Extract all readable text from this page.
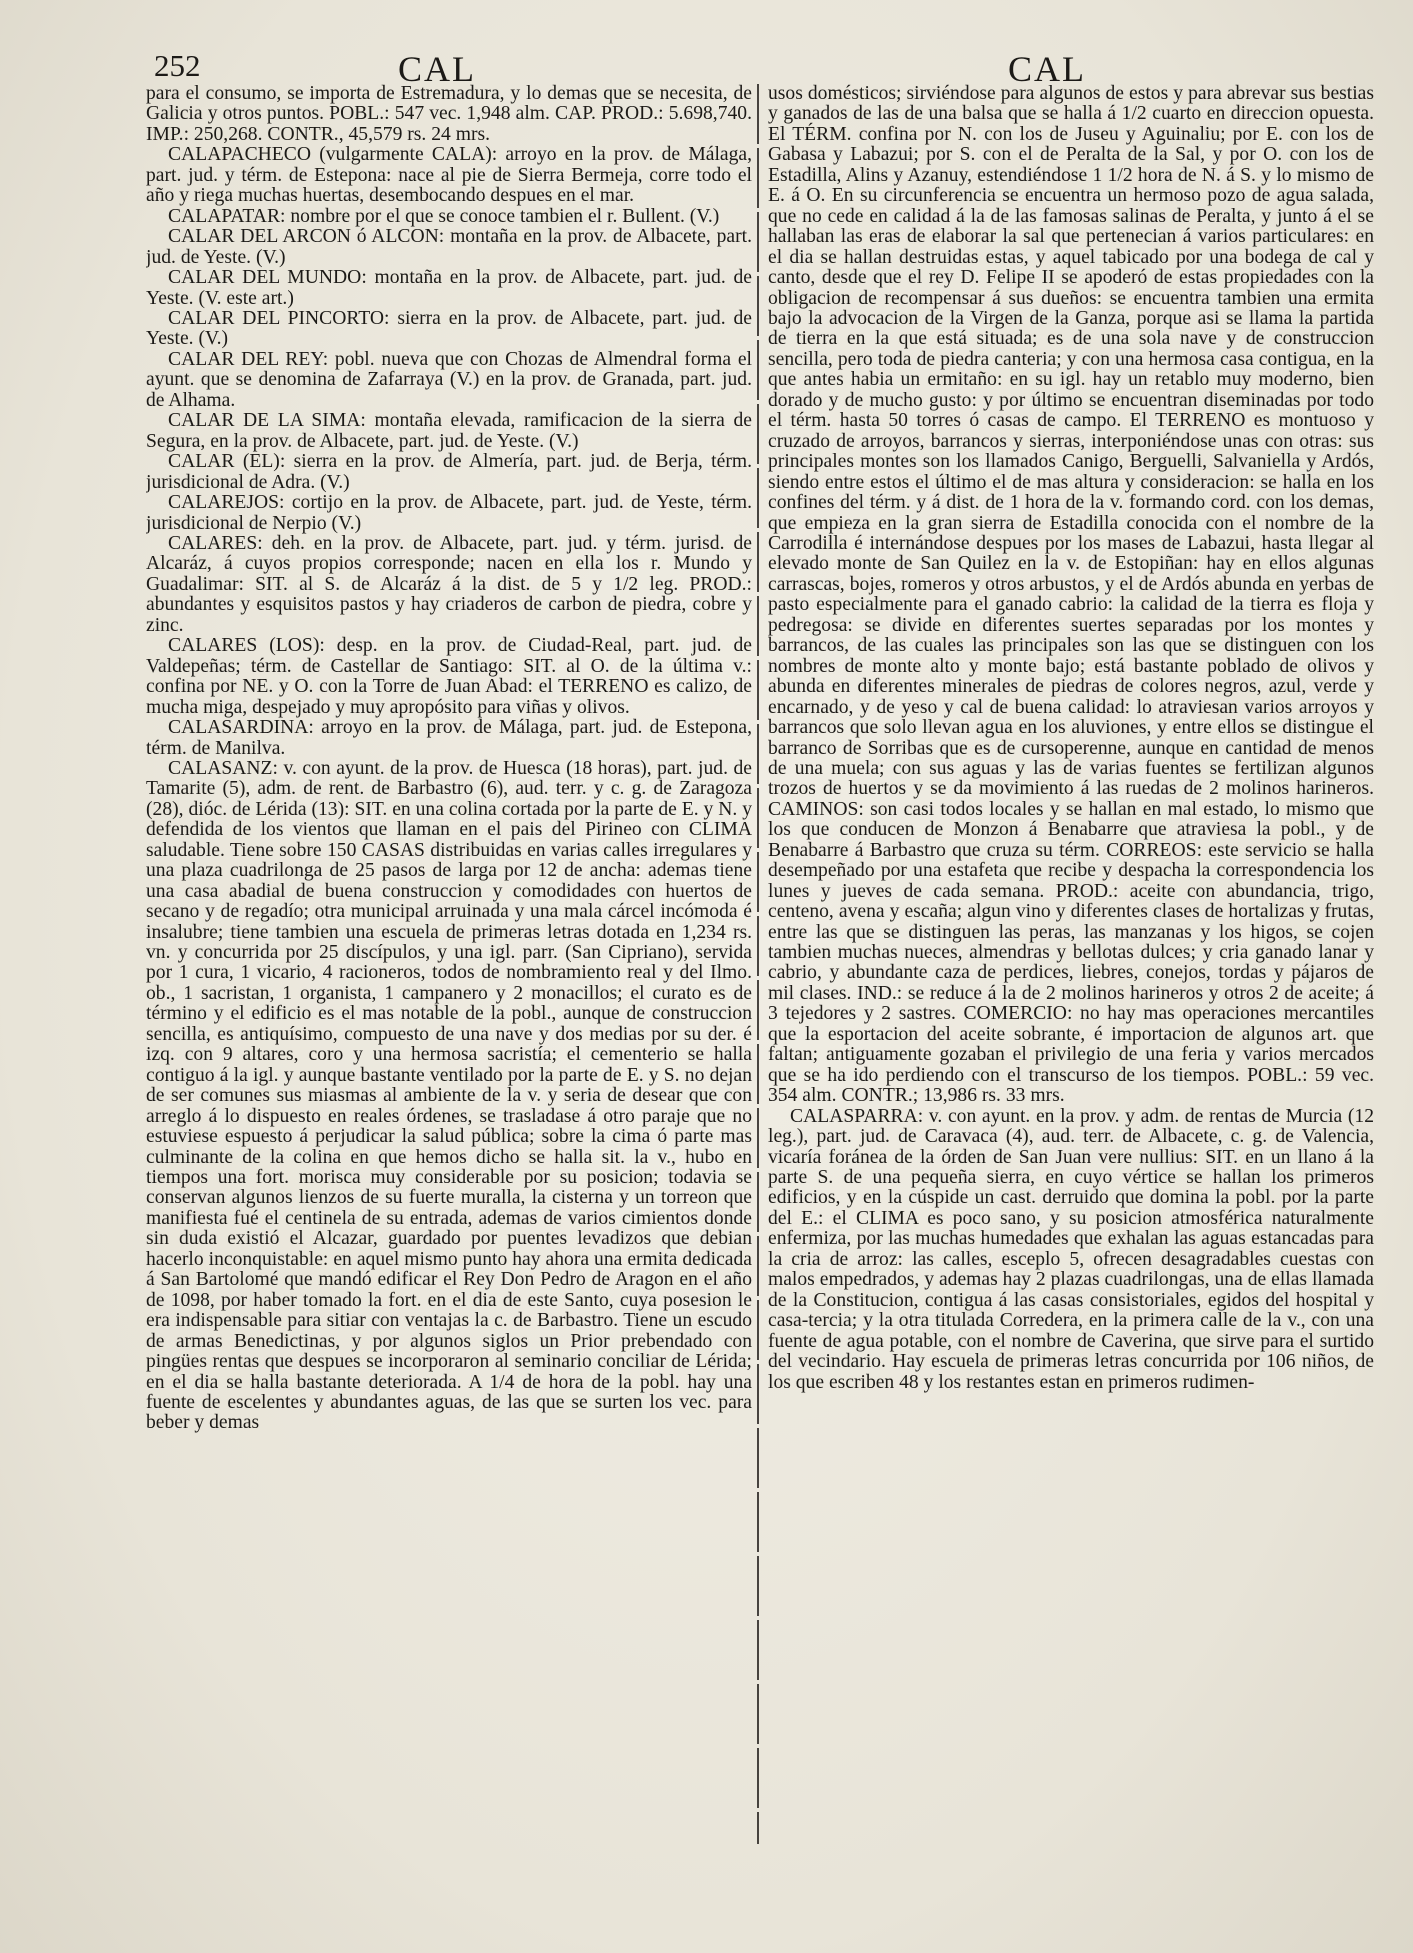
252	CAL	CAL

para el consumo, se importa de Estremadura, y lo demas que se necesita, de Galicia y otros puntos. POBL.: 547 vec. 1,948 alm. CAP. PROD.: 5.698,740. IMP.: 250,268. CONTR., 45,579 rs. 24 mrs.

CALAPACHECO (vulgarmente CALA): arroyo en la prov. de Málaga, part. jud. y térm. de Estepona: nace al pie de Sierra Bermeja, corre todo el año y riega muchas huertas, desembocando despues en el mar.

CALAPATAR: nombre por el que se conoce tambien el r. Bullent. (V.)

CALAR DEL ARCON ó ALCON: montaña en la prov. de Albacete, part. jud. de Yeste. (V.)

CALAR DEL MUNDO: montaña en la prov. de Albacete, part. jud. de Yeste. (V. este art.)

CALAR DEL PINCORTO: sierra en la prov. de Albacete, part. jud. de Yeste. (V.)

CALAR DEL REY: pobl. nueva que con Chozas de Almendral forma el ayunt. que se denomina de Zafarraya (V.) en la prov. de Granada, part. jud. de Alhama.

CALAR DE LA SIMA: montaña elevada, ramificacion de la sierra de Segura, en la prov. de Albacete, part. jud. de Yeste. (V.)

CALAR (EL): sierra en la prov. de Almería, part. jud. de Berja, térm. jurisdicional de Adra. (V.)

CALAREJOS: cortijo en la prov. de Albacete, part. jud. de Yeste, térm. jurisdicional de Nerpio (V.)

CALARES: deh. en la prov. de Albacete, part. jud. y térm. jurisd. de Alcaráz, á cuyos propios corresponde; nacen en ella los r. Mundo y Guadalimar: SIT. al S. de Alcaráz á la dist. de 5 y 1/2 leg. PROD.: abundantes y esquisitos pastos y hay criaderos de carbon de piedra, cobre y zinc.

CALARES (LOS): desp. en la prov. de Ciudad-Real, part. jud. de Valdepeñas; térm. de Castellar de Santiago: SIT. al O. de la última v.: confina por NE. y O. con la Torre de Juan Abad: el TERRENO es calizo, de mucha miga, despejado y muy apropósito para viñas y olivos.

CALASARDINA: arroyo en la prov. de Málaga, part. jud. de Estepona, térm. de Manilva.

CALASANZ: v. con ayunt. de la prov. de Huesca (18 horas), part. jud. de Tamarite (5), adm. de rent. de Barbastro (6), aud. terr. y c. g. de Zaragoza (28), dióc. de Lérida (13): SIT. en una colina cortada por la parte de E. y N. y defendida de los vientos que llaman en el pais del Pirineo con CLIMA saludable. Tiene sobre 150 CASAS distribuidas en varias calles irregulares y una plaza cuadrilonga de 25 pasos de larga por 12 de ancha: ademas tiene una casa abadial de buena construccion y comodidades con huertos de secano y de regadío; otra municipal arruinada y una mala cárcel incómoda é insalubre; tiene tambien una escuela de primeras letras dotada en 1,234 rs. vn. y concurrida por 25 discípulos, y una igl. parr. (San Cipriano), servida por 1 cura, 1 vicario, 4 racioneros, todos de nombramiento real y del Ilmo. ob., 1 sacristan, 1 organista, 1 campanero y 2 monacillos; el curato es de término y el edificio es el mas notable de la pobl., aunque de construccion sencilla, es antiquísimo, compuesto de una nave y dos medias por su der. é izq. con 9 altares, coro y una hermosa sacristía; el cementerio se halla contiguo á la igl. y aunque bastante ventilado por la parte de E. y S. no dejan de ser comunes sus miasmas al ambiente de la v. y seria de desear que con arreglo á lo dispuesto en reales órdenes, se trasladase á otro paraje que no estuviese espuesto á perjudicar la salud pública; sobre la cima ó parte mas culminante de la colina en que hemos dicho se halla sit. la v., hubo en tiempos una fort. morisca muy considerable por su posicion; todavia se conservan algunos lienzos de su fuerte muralla, la cisterna y un torreon que manifiesta fué el centinela de su entrada, ademas de varios cimientos donde sin duda existió el Alcazar, guardado por puentes levadizos que debian hacerlo inconquistable: en aquel mismo punto hay ahora una ermita dedicada á San Bartolomé que mandó edificar el Rey Don Pedro de Aragon en el año de 1098, por haber tomado la fort. en el dia de este Santo, cuya posesion le era indispensable para sitiar con ventajas la c. de Barbastro. Tiene un escudo de armas Benedictinas, y por algunos siglos un Prior prebendado con pingües rentas que despues se incorporaron al seminario conciliar de Lérida; en el dia se halla bastante deteriorada. A 1/4 de hora de la pobl. hay una fuente de escelentes y abundantes aguas, de las que se surten los vec. para beber y demas

usos domésticos; sirviéndose para algunos de estos y para abrevar sus bestias y ganados de las de una balsa que se halla á 1/2 cuarto en direccion opuesta. El TÉRM. confina por N. con los de Juseu y Aguinaliu; por E. con los de Gabasa y Labazui; por S. con el de Peralta de la Sal, y por O. con los de Estadilla, Alins y Azanuy, estendiéndose 1 1/2 hora de N. á S. y lo mismo de E. á O. En su circunferencia se encuentra un hermoso pozo de agua salada, que no cede en calidad á la de las famosas salinas de Peralta, y junto á el se hallaban las eras de elaborar la sal que pertenecian á varios particulares: en el dia se hallan destruidas estas, y aquel tabicado por una bodega de cal y canto, desde que el rey D. Felipe II se apoderó de estas propiedades con la obligacion de recompensar á sus dueños: se encuentra tambien una ermita bajo la advocacion de la Virgen de la Ganza, porque asi se llama la partida de tierra en la que está situada; es de una sola nave y de construccion sencilla, pero toda de piedra canteria; y con una hermosa casa contigua, en la que antes habia un ermitaño: en su igl. hay un retablo muy moderno, bien dorado y de mucho gusto: y por último se encuentran diseminadas por todo el térm. hasta 50 torres ó casas de campo. El TERRENO es montuoso y cruzado de arroyos, barrancos y sierras, interponiéndose unas con otras: sus principales montes son los llamados Canigo, Berguelli, Salvaniella y Ardós, siendo entre estos el último el de mas altura y consideracion: se halla en los confines del térm. y á dist. de 1 hora de la v. formando cord. con los demas, que empieza en la gran sierra de Estadilla conocida con el nombre de la Carrodilla é internándose despues por los mases de Labazui, hasta llegar al elevado monte de San Quilez en la v. de Estopiñan: hay en ellos algunas carrascas, bojes, romeros y otros arbustos, y el de Ardós abunda en yerbas de pasto especialmente para el ganado cabrio: la calidad de la tierra es floja y pedregosa: se divide en diferentes suertes separadas por los montes y barrancos, de las cuales las principales son las que se distinguen con los nombres de monte alto y monte bajo; está bastante poblado de olivos y abunda en diferentes minerales de piedras de colores negros, azul, verde y encarnado, y de yeso y cal de buena calidad: lo atraviesan varios arroyos y barrancos que solo llevan agua en los aluviones, y entre ellos se distingue el barranco de Sorribas que es de cursoperenne, aunque en cantidad de menos de una muela; con sus aguas y las de varias fuentes se fertilizan algunos trozos de huertos y se da movimiento á las ruedas de 2 molinos harineros. CAMINOS: son casi todos locales y se hallan en mal estado, lo mismo que los que conducen de Monzon á Benabarre que atraviesa la pobl., y de Benabarre á Barbastro que cruza su térm. CORREOS: este servicio se halla desempeñado por una estafeta que recibe y despacha la correspondencia los lunes y jueves de cada semana. PROD.: aceite con abundancia, trigo, centeno, avena y escaña; algun vino y diferentes clases de hortalizas y frutas, entre las que se distinguen las peras, las manzanas y los higos, se cojen tambien muchas nueces, almendras y bellotas dulces; y cria ganado lanar y cabrio, y abundante caza de perdices, liebres, conejos, tordas y pájaros de mil clases. IND.: se reduce á la de 2 molinos harineros y otros 2 de aceite; á 3 tejedores y 2 sastres. COMERCIO: no hay mas operaciones mercantiles que la esportacion del aceite sobrante, é importacion de algunos art. que faltan; antiguamente gozaban el privilegio de una feria y varios mercados que se ha ido perdiendo con el transcurso de los tiempos. POBL.: 59 vec. 354 alm. CONTR.; 13,986 rs. 33 mrs.

CALASPARRA: v. con ayunt. en la prov. y adm. de rentas de Murcia (12 leg.), part. jud. de Caravaca (4), aud. terr. de Albacete, c. g. de Valencia, vicaría foránea de la órden de San Juan vere nullius: SIT. en un llano á la parte S. de una pequeña sierra, en cuyo vértice se hallan los primeros edificios, y en la cúspide un cast. derruido que domina la pobl. por la parte del E.: el CLIMA es poco sano, y su posicion atmosférica naturalmente enfermiza, por las muchas humedades que exhalan las aguas estancadas para la cria de arroz: las calles, esceplo 5, ofrecen desagradables cuestas con malos empedrados, y ademas hay 2 plazas cuadrilongas, una de ellas llamada de la Constitucion, contigua á las casas consistoriales, egidos del hospital y casa-tercia; y la otra titulada Corredera, en la primera calle de la v., con una fuente de agua potable, con el nombre de Caverina, que sirve para el surtido del vecindario. Hay escuela de primeras letras concurrida por 106 niños, de los que escriben 48 y los restantes estan en primeros rudimen-
